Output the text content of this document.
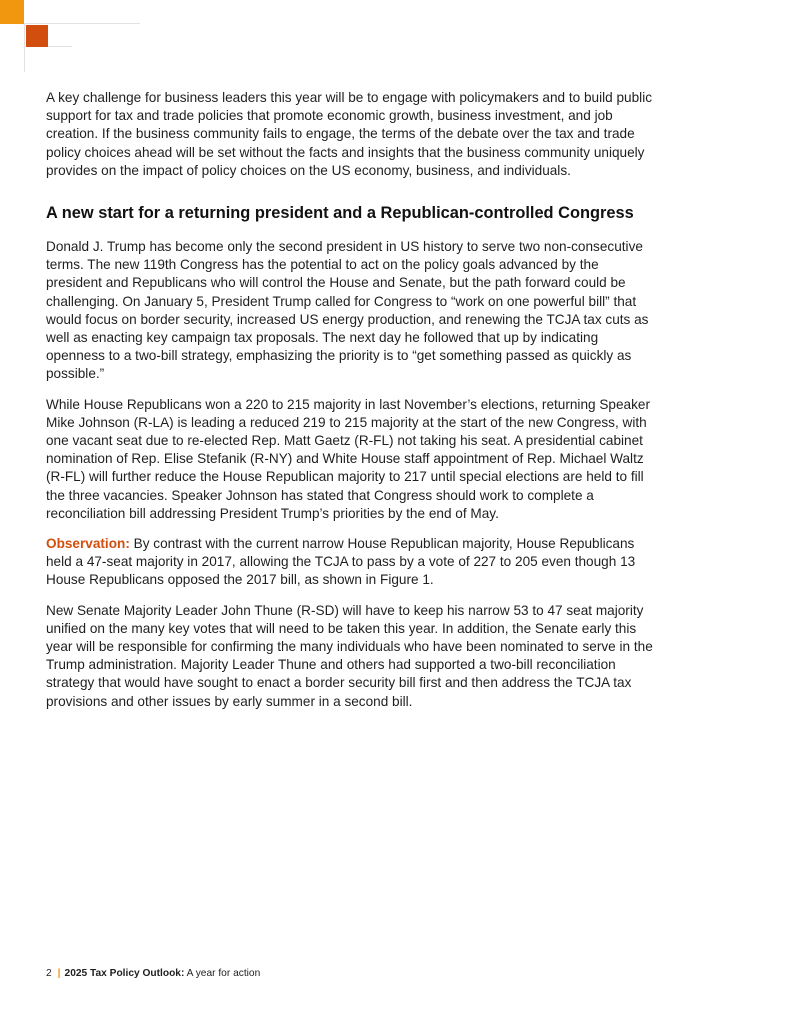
A key challenge for business leaders this year will be to engage with policymakers and to build public support for tax and trade policies that promote economic growth, business investment, and job creation. If the business community fails to engage, the terms of the debate over the tax and trade policy choices ahead will be set without the facts and insights that the business community uniquely provides on the impact of policy choices on the US economy, business, and individuals.

A new start for a returning president and a Republican-controlled Congress

Donald J. Trump has become only the second president in US history to serve two non-consecutive terms. The new 119th Congress has the potential to act on the policy goals advanced by the president and Republicans who will control the House and Senate, but the path forward could be challenging. On January 5, President Trump called for Congress to “work on one powerful bill” that would focus on border security, increased US energy production, and renewing the TCJA tax cuts as well as enacting key campaign tax proposals. The next day he followed that up by indicating openness to a two-bill strategy, emphasizing the priority is to “get something passed as quickly as possible.”

While House Republicans won a 220 to 215 majority in last November’s elections, returning Speaker Mike Johnson (R-LA) is leading a reduced 219 to 215 majority at the start of the new Congress, with one vacant seat due to re-elected Rep. Matt Gaetz (R-FL) not taking his seat. A presidential cabinet nomination of Rep. Elise Stefanik (R-NY) and White House staff appointment of Rep. Michael Waltz (R-FL) will further reduce the House Republican majority to 217 until special elections are held to fill the three vacancies. Speaker Johnson has stated that Congress should work to complete a reconciliation bill addressing President Trump’s priorities by the end of May.

Observation: By contrast with the current narrow House Republican majority, House Republicans held a 47-seat majority in 2017, allowing the TCJA to pass by a vote of 227 to 205 even though 13 House Republicans opposed the 2017 bill, as shown in Figure 1.

New Senate Majority Leader John Thune (R-SD) will have to keep his narrow 53 to 47 seat majority unified on the many key votes that will need to be taken this year. In addition, the Senate early this year will be responsible for confirming the many individuals who have been nominated to serve in the Trump administration. Majority Leader Thune and others had supported a two-bill reconciliation strategy that would have sought to enact a border security bill first and then address the TCJA tax provisions and other issues by early summer in a second bill.

2 | 2025 Tax Policy Outlook: A year for action
